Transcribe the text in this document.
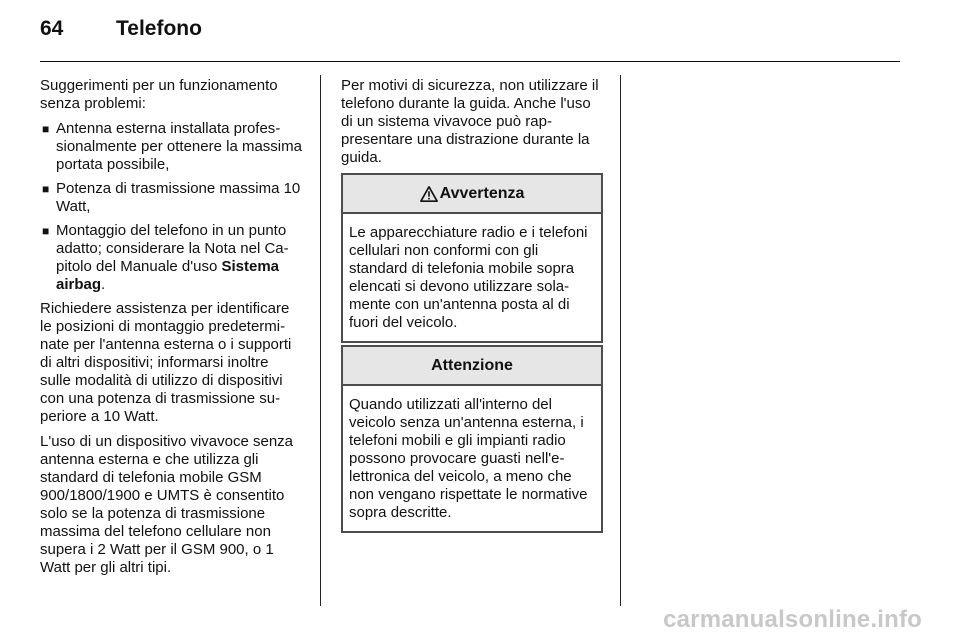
64	Telefono

Suggerimenti per un funzionamento senza problemi:

■ Antenna esterna installata professionalmente per ottenere la massima portata possibile,
■ Potenza di trasmissione massima 10 Watt,
■ Montaggio del telefono in un punto adatto; considerare la Nota nel Capitolo del Manuale d'uso Sistema airbag.

Richiedere assistenza per identificare le posizioni di montaggio predeterminate per l'antenna esterna o i supporti di altri dispositivi; informarsi inoltre sulle modalità di utilizzo di dispositivi con una potenza di trasmissione superiore a 10 Watt.

L'uso di un dispositivo vivavoce senza antenna esterna e che utilizza gli standard di telefonia mobile GSM 900/1800/1900 e UMTS è consentito solo se la potenza di trasmissione massima del telefono cellulare non supera i 2 Watt per il GSM 900, o 1 Watt per gli altri tipi.

Per motivi di sicurezza, non utilizzare il telefono durante la guida. Anche l'uso di un sistema vivavoce può rappresentare una distrazione durante la guida.

Avvertenza
Le apparecchiature radio e i telefoni cellulari non conformi con gli standard di telefonia mobile sopra elencati si devono utilizzare solamente con un'antenna posta al di fuori del veicolo.
Attenzione
Quando utilizzati all'interno del veicolo senza un'antenna esterna, i telefoni mobili e gli impianti radio possono provocare guasti nell'elettronica del veicolo, a meno che non vengano rispettate le normative sopra descritte.
carmanualsonline.info
